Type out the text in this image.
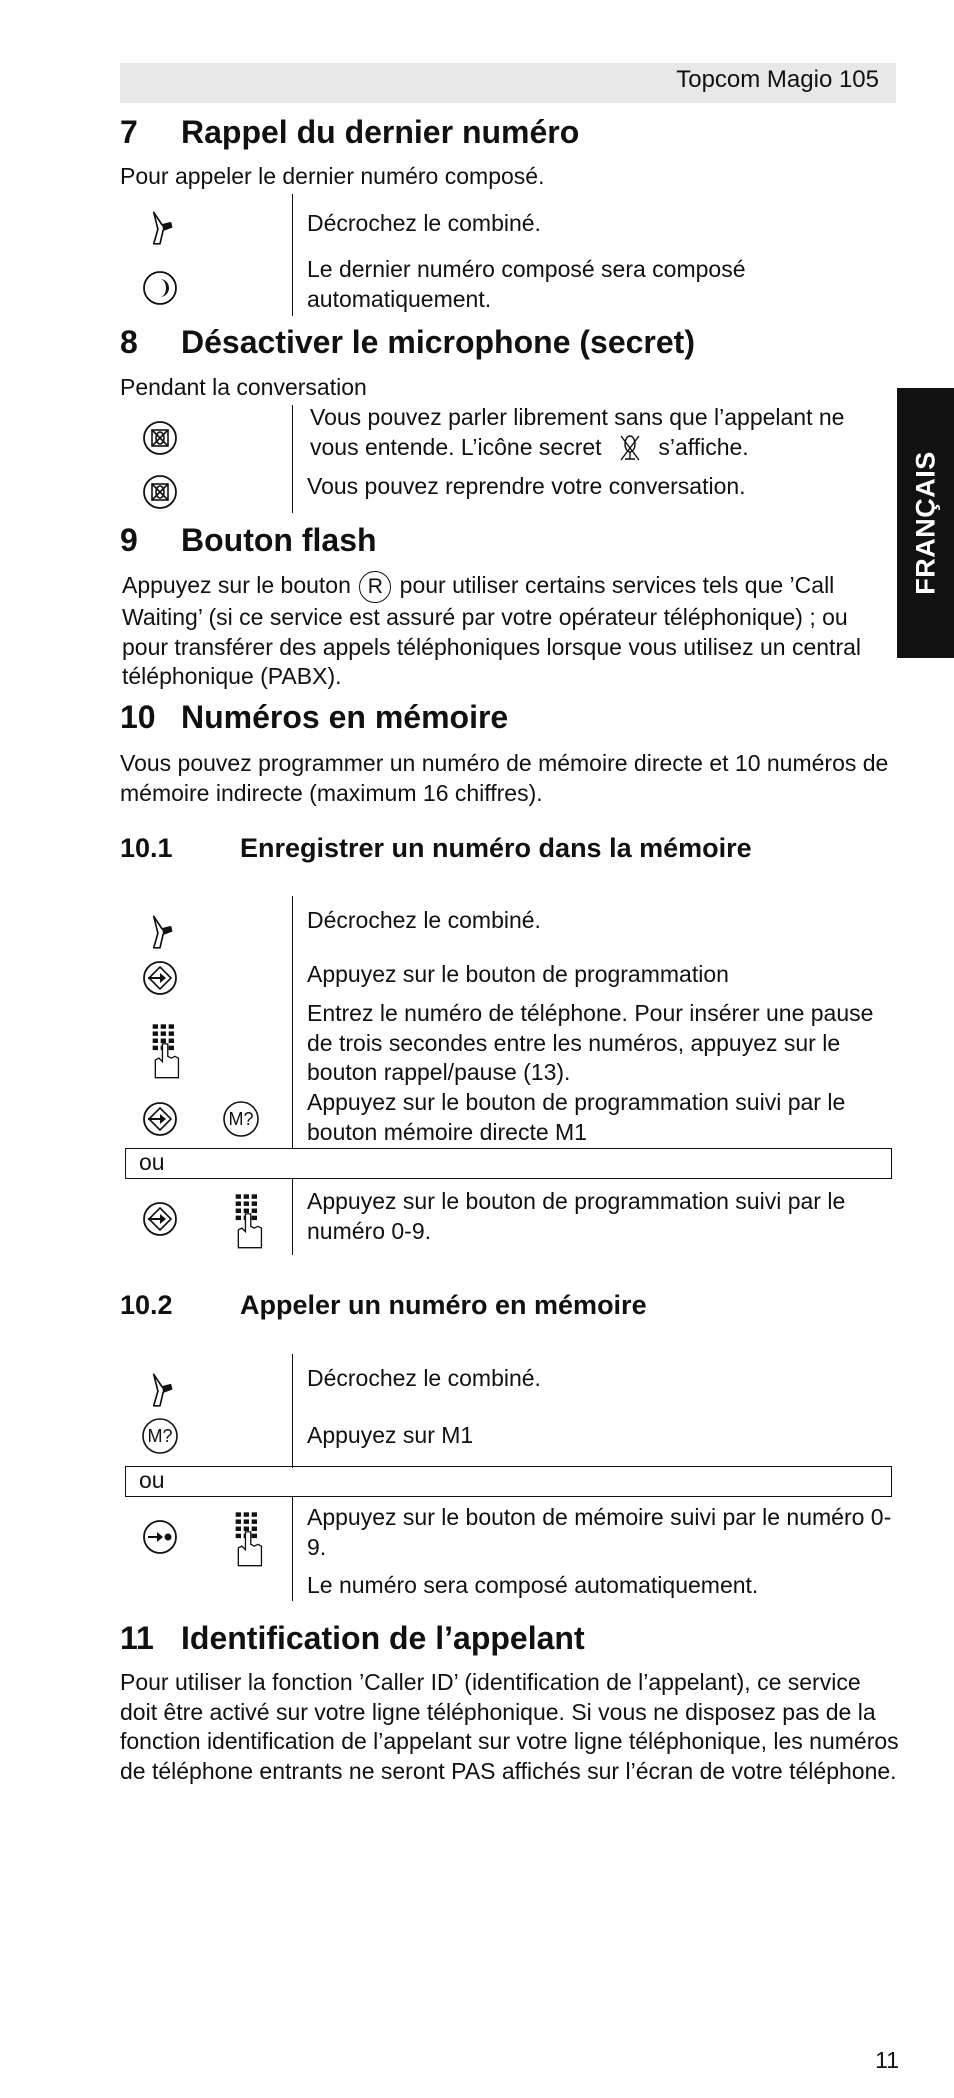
Topcom Magio 105
FRANÇAIS
7 Rappel du dernier numéro
Pour appeler le dernier numéro composé.
Décrochez le combiné.
Le dernier numéro composé sera composé automatiquement.
8 Désactiver le microphone (secret)
Pendant la conversation
Vous pouvez parler librement sans que l’appelant ne vous entende. L’icône secret s’affiche.
Vous pouvez reprendre votre conversation.
9 Bouton flash
Appuyez sur le bouton R pour utiliser certains services tels que ’Call Waiting’ (si ce service est assuré par votre opérateur téléphonique) ; ou pour transférer des appels téléphoniques lorsque vous utilisez un central téléphonique (PABX).
10 Numéros en mémoire
Vous pouvez programmer un numéro de mémoire directe et 10 numéros de mémoire indirecte (maximum 16 chiffres).
10.1 Enregistrer un numéro dans la mémoire
Décrochez le combiné.
Appuyez sur le bouton de programmation
Entrez le numéro de téléphone. Pour insérer une pause de trois secondes entre les numéros, appuyez sur le bouton rappel/pause (13).
M?
Appuyez sur le bouton de programmation suivi par le bouton mémoire directe M1
ou
Appuyez sur le bouton de programmation suivi par le numéro 0-9.
10.2 Appeler un numéro en mémoire
Décrochez le combiné.
M?	Appuyez sur M1
ou
Appuyez sur le bouton de mémoire suivi par le numéro 0-9.
Le numéro sera composé automatiquement.
11 Identification de l’appelant
Pour utiliser la fonction ’Caller ID’ (identification de l’appelant), ce service doit être activé sur votre ligne téléphonique. Si vous ne disposez pas de la fonction identification de l’appelant sur votre ligne téléphonique, les numéros de téléphone entrants ne seront PAS affichés sur l’écran de votre téléphone.
11
